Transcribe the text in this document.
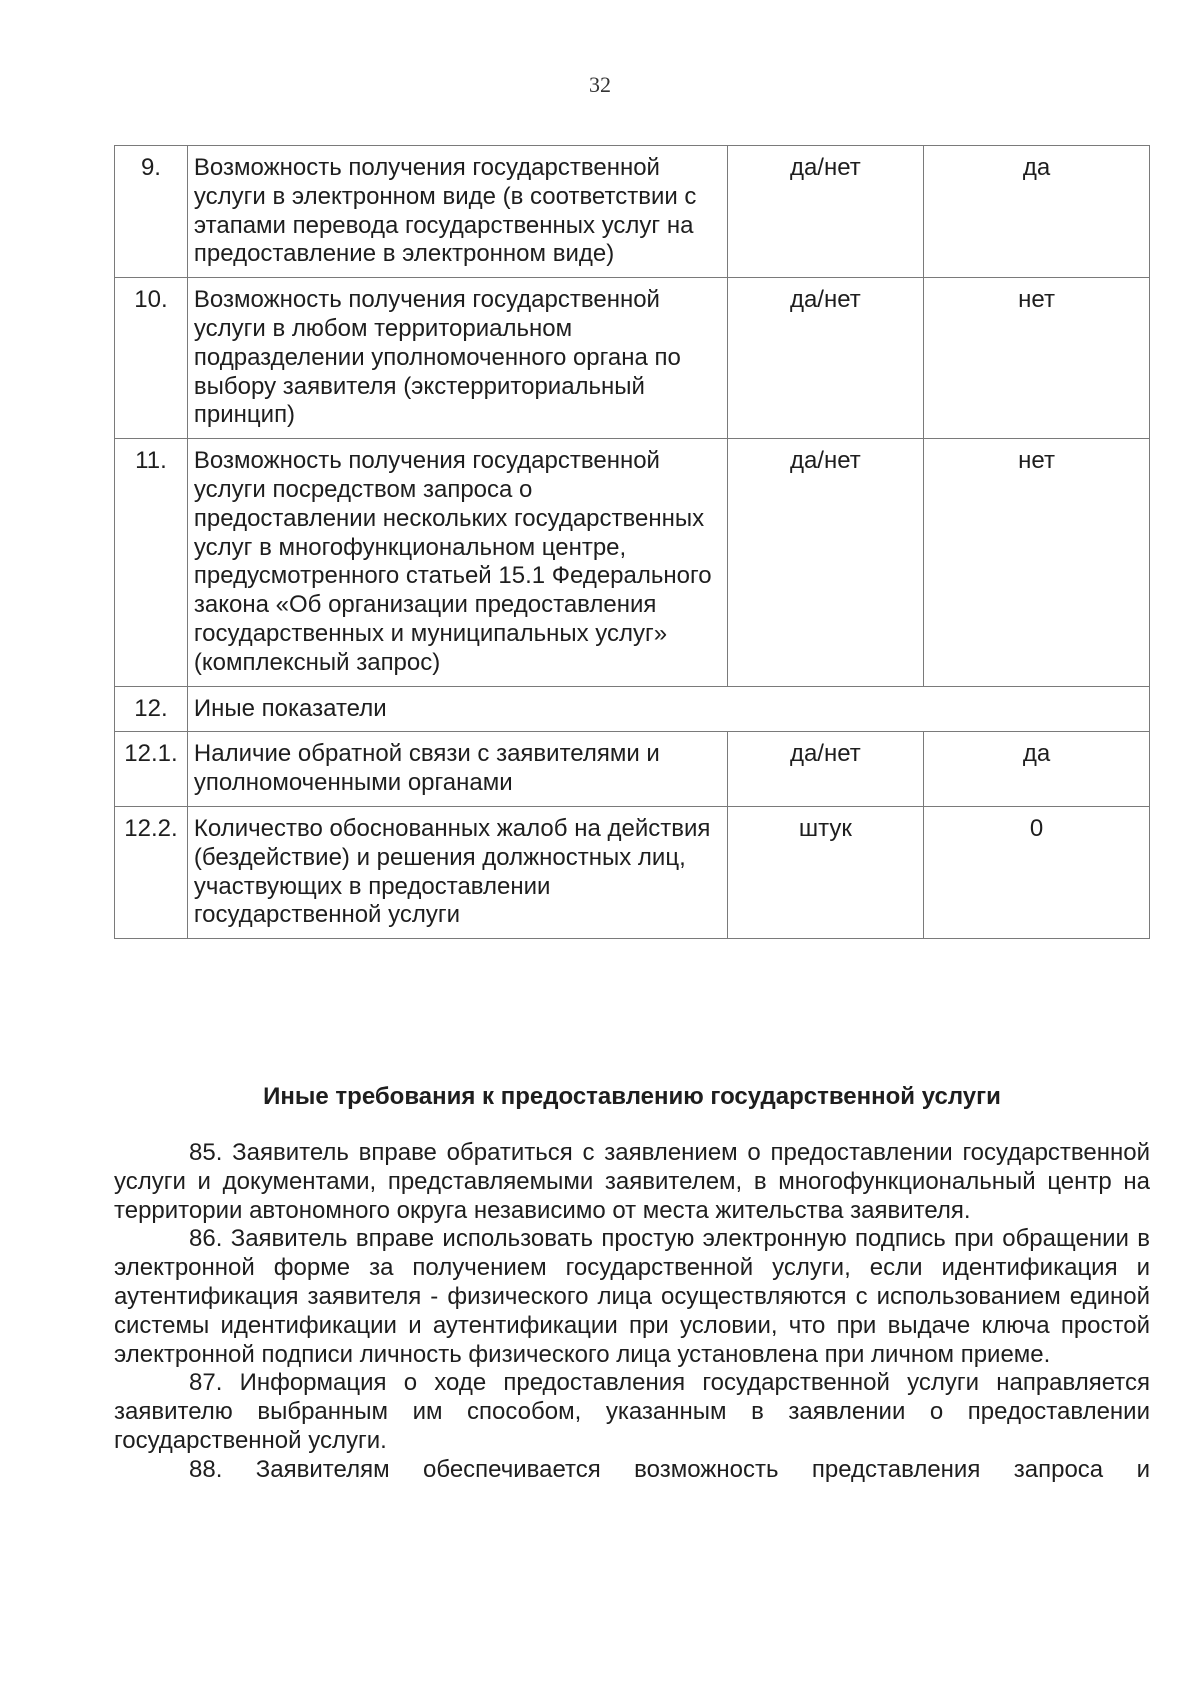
32
9.	Возможность получения государственной услуги в электронном виде (в соответствии с этапами перевода государственных услуг на предоставление в электронном виде)	да/нет	да
10.	Возможность получения государственной услуги в любом территориальном подразделении уполномоченного органа по выбору заявителя (экстерриториальный принцип)	да/нет	нет
11.	Возможность получения государственной услуги посредством запроса о предоставлении нескольких государственных услуг в многофункциональном центре, предусмотренного статьей 15.1 Федерального закона «Об организации предоставления государственных и муниципальных услуг» (комплексный запрос)	да/нет	нет
12.	Иные показатели		
12.1.	Наличие обратной связи с заявителями и уполномоченными органами	да/нет	да
12.2.	Количество обоснованных жалоб на действия (бездействие) и решения должностных лиц, участвующих в предоставлении государственной услуги	штук	0
Иные требования к предоставлению государственной услуги

85. Заявитель вправе обратиться с заявлением о предоставлении государственной услуги и документами, представляемыми заявителем, в многофункциональный центр на территории автономного округа независимо от места жительства заявителя.

86. Заявитель вправе использовать простую электронную подпись при обращении в электронной форме за получением государственной услуги, если идентификация и аутентификация заявителя - физического лица осуществляются с использованием единой системы идентификации и аутентификации при условии, что при выдаче ключа простой электронной подписи личность физического лица установлена при личном приеме.

87. Информация о ходе предоставления государственной услуги направляется заявителю выбранным им способом, указанным в заявлении о предоставлении государственной услуги.

88. Заявителям обеспечивается возможность представления запроса и
